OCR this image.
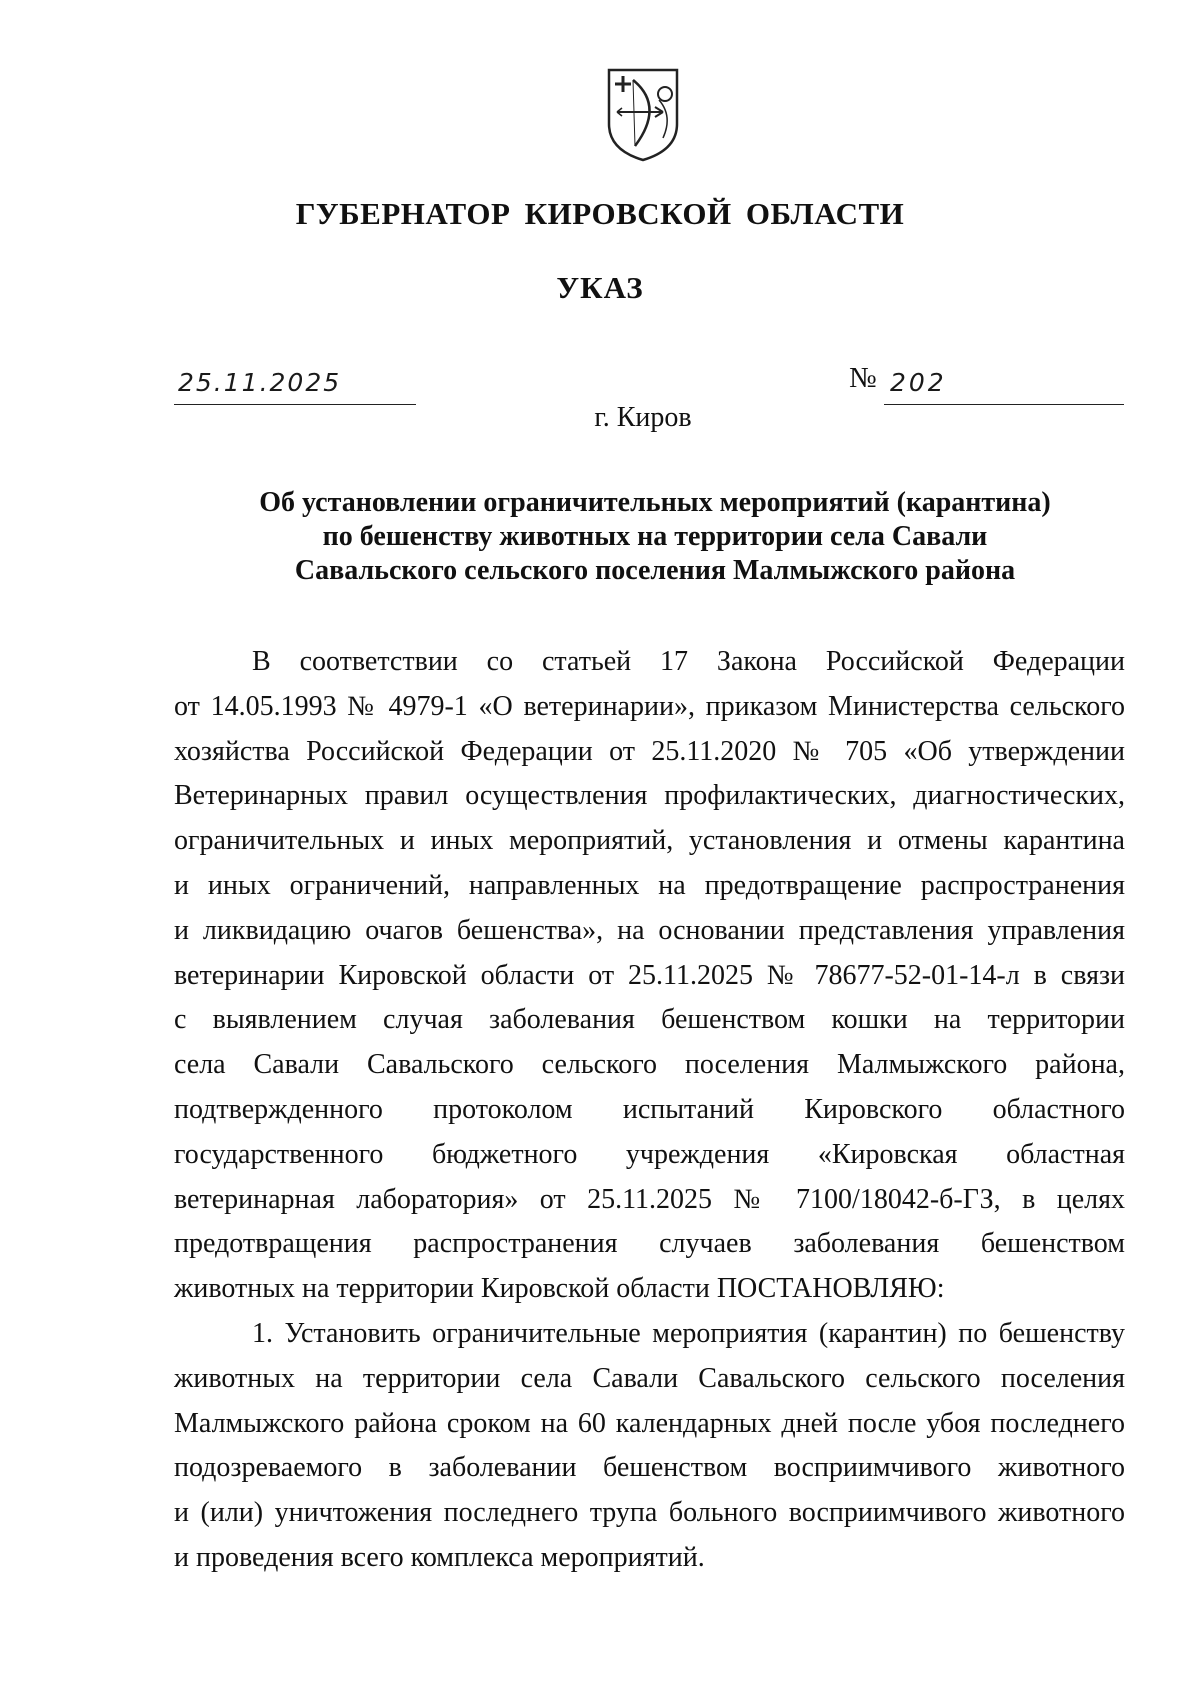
ГУБЕРНАТОР КИРОВСКОЙ ОБЛАСТИ
УКАЗ
25.11.2025	№ 202
г. Киров
Об установлении ограничительных мероприятий (карантина)
по бешенству животных на территории села Савали
Савальского сельского поселения Малмыжского района
В соответствии со статьей 17 Закона Российской Федерации
от 14.05.1993 № 4979-1 «О ветеринарии», приказом Министерства сельского
хозяйства Российской Федерации от 25.11.2020 № 705 «Об утверждении
Ветеринарных правил осуществления профилактических, диагностических,
ограничительных и иных мероприятий, установления и отмены карантина
и иных ограничений, направленных на предотвращение распространения
и ликвидацию очагов бешенства», на основании представления управления
ветеринарии Кировской области от 25.11.2025 № 78677-52-01-14-л в связи
с выявлением случая заболевания бешенством кошки на территории
села Савали Савальского сельского поселения Малмыжского района,
подтвержденного протоколом испытаний Кировского областного
государственного бюджетного учреждения «Кировская областная
ветеринарная лаборатория» от 25.11.2025 № 7100/18042-б-ГЗ, в целях
предотвращения распространения случаев заболевания бешенством
животных на территории Кировской области ПОСТАНОВЛЯЮ:
1. Установить ограничительные мероприятия (карантин) по бешенству
животных на территории села Савали Савальского сельского поселения
Малмыжского района сроком на 60 календарных дней после убоя последнего
подозреваемого в заболевании бешенством восприимчивого животного
и (или) уничтожения последнего трупа больного восприимчивого животного
и проведения всего комплекса мероприятий.
